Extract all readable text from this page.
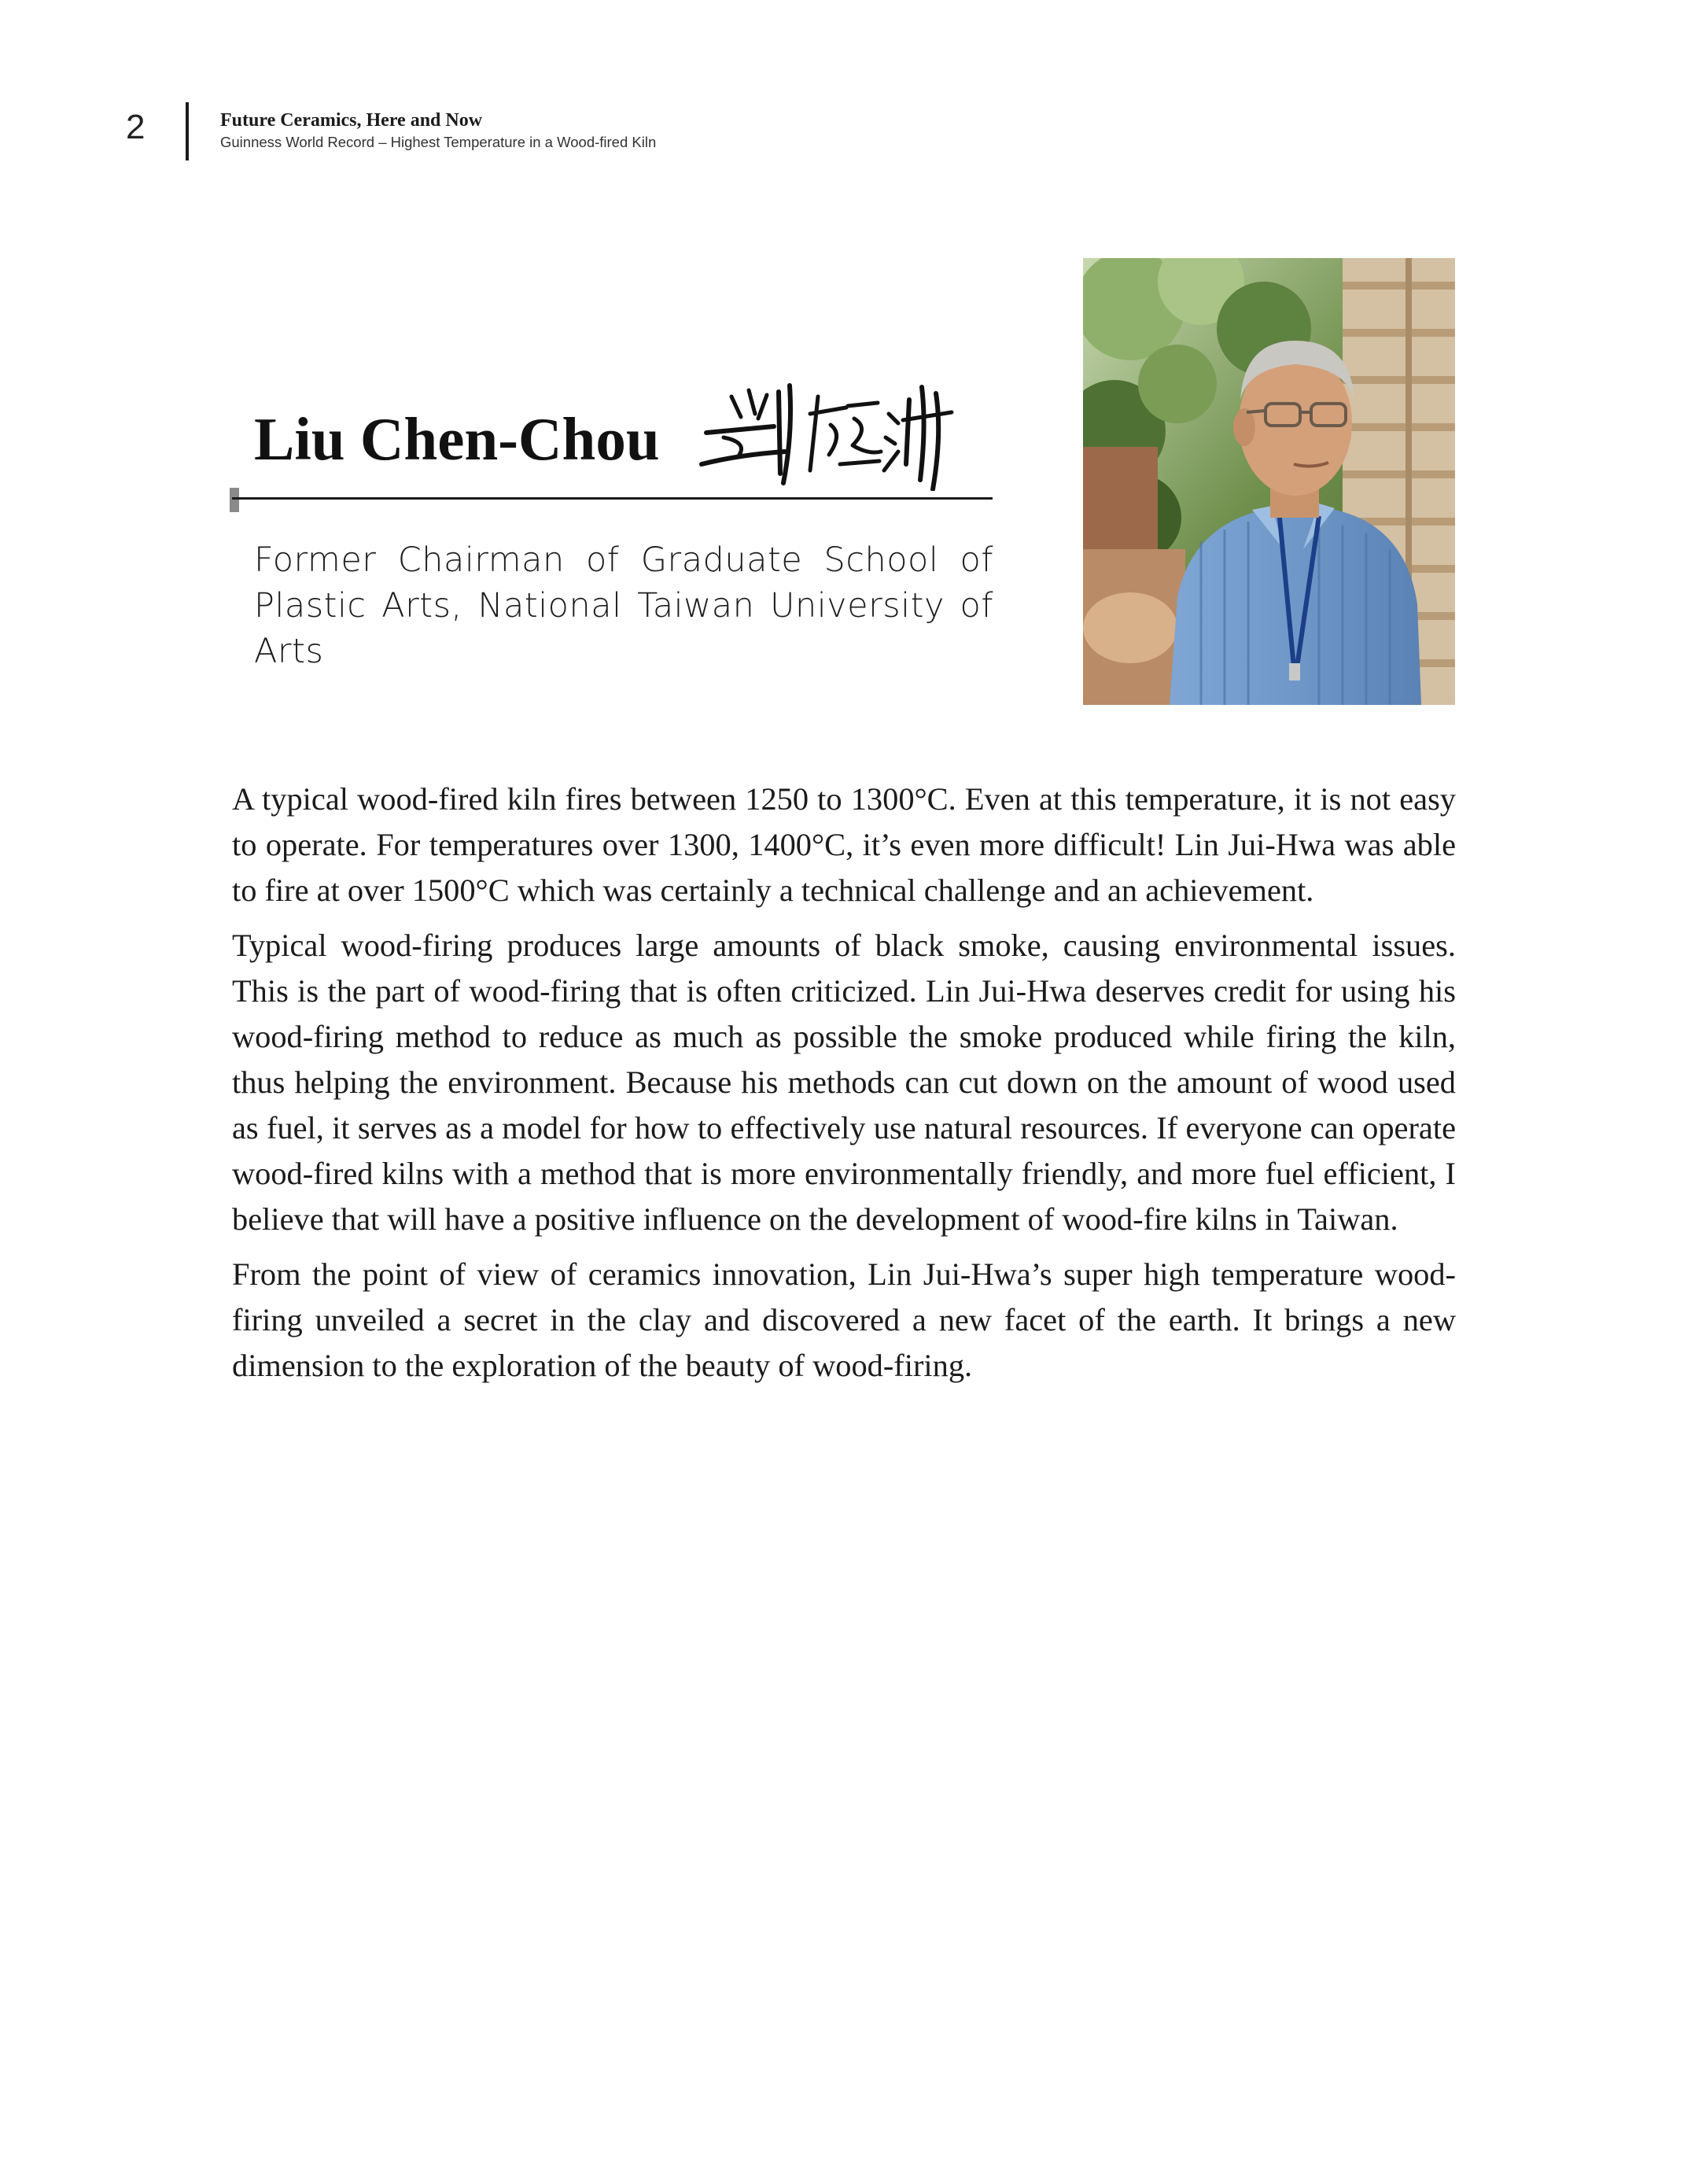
2	Future Ceramics, Here and Now
Guinness World Record – Highest Temperature in a Wood-fired Kiln
Liu Chen-Chou
Former Chairman of Graduate School of Plastic Arts, National Taiwan University of Arts

A typical wood-fired kiln fires between 1250 to 1300°C. Even at this temperature, it is not easy to operate. For temperatures over 1300, 1400°C, it’s even more difficult! Lin Jui-Hwa was able to fire at over 1500°C which was certainly a technical challenge and an achievement.

Typical wood-firing produces large amounts of black smoke, causing environmental issues. This is the part of wood-firing that is often criticized. Lin Jui-Hwa deserves credit for using his wood-firing method to reduce as much as possible the smoke produced while firing the kiln, thus helping the environment. Because his methods can cut down on the amount of wood used as fuel, it serves as a model for how to effectively use natural resources. If everyone can operate wood-fired kilns with a method that is more environmentally friendly, and more fuel efficient, I believe that will have a positive influence on the development of wood-fire kilns in Taiwan.

From the point of view of ceramics innovation, Lin Jui-Hwa’s super high temperature wood-firing unveiled a secret in the clay and discovered a new facet of the earth. It brings a new dimension to the exploration of the beauty of wood-firing.
